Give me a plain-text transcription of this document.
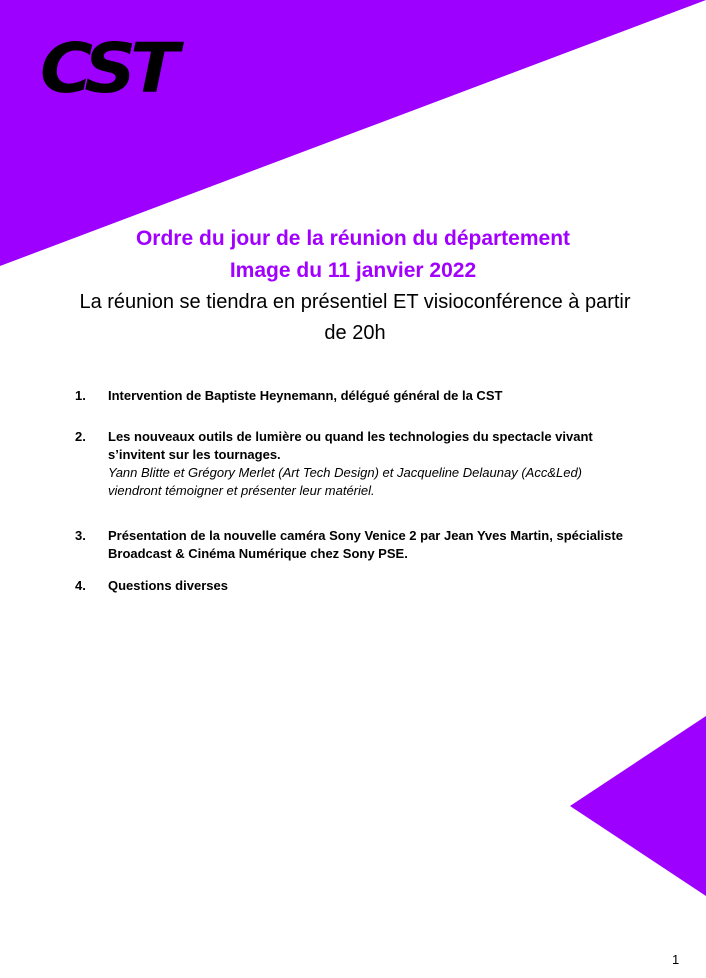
CST
Ordre du jour de la réunion du département
Image du 11 janvier 2022
La réunion se tiendra en présentiel ET visioconférence à partir de 20h
1. Intervention de Baptiste Heynemann, délégué général de la CST
2. Les nouveaux outils de lumière ou quand les technologies du spectacle vivant s’invitent sur les tournages.
Yann Blitte et Grégory Merlet (Art Tech Design) et Jacqueline Delaunay (Acc&Led) viendront témoigner et présenter leur matériel.
3. Présentation de la nouvelle caméra Sony Venice 2 par Jean Yves Martin, spécialiste Broadcast & Cinéma Numérique chez Sony PSE.
4. Questions diverses
1
